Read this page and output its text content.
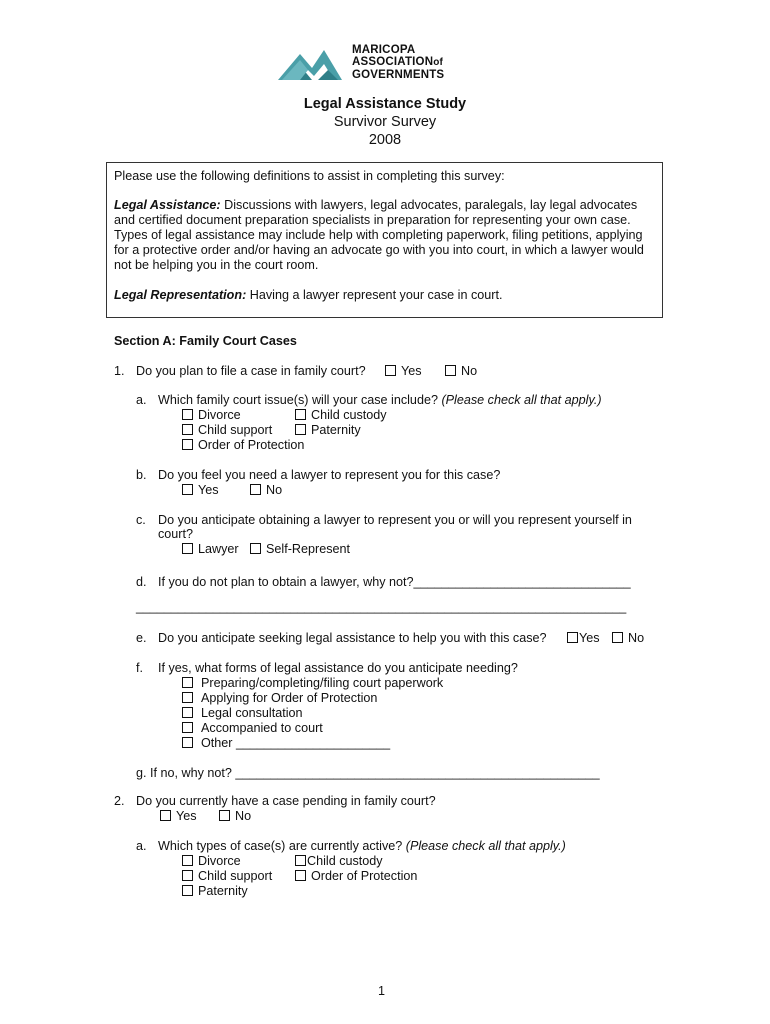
MARICOPA
ASSOCIATIONof
GOVERNMENTS
Legal Assistance Study
Survivor Survey
2008
Please use the following definitions to assist in completing this survey:
Legal Assistance: Discussions with lawyers, legal advocates, paralegals, lay legal advocates
and certified document preparation specialists in preparation for representing your own case.
Types of legal assistance may include help with completing paperwork, filing petitions, applying
for a protective order and/or having an advocate go with you into court, in which a lawyer would
not be helping you in the court room.
Legal Representation: Having a lawyer represent your case in court.
Section A: Family Court Cases
1. Do you plan to file a case in family court?	Yes	No
a. Which family court issue(s) will your case include? (Please check all that apply.)
Divorce	Child custody
Child support	Paternity
Order of Protection
b. Do you feel you need a lawyer to represent you for this case?
Yes	No
c. Do you anticipate obtaining a lawyer to represent you or will you represent yourself in
court?
Lawyer	Self-Represent
d. If you do not plan to obtain a lawyer, why not?_______________________________
______________________________________________________________________
e. Do you anticipate seeking legal assistance to help you with this case?	Yes	No
f. If yes, what forms of legal assistance do you anticipate needing?
Preparing/completing/filing court paperwork
Applying for Order of Protection
Legal consultation
Accompanied to court
Other ______________________
g. If no, why not? ____________________________________________________
2. Do you currently have a case pending in family court?
Yes	No
a. Which types of case(s) are currently active? (Please check all that apply.)
Divorce	Child custody
Child support	Order of Protection
Paternity
1
